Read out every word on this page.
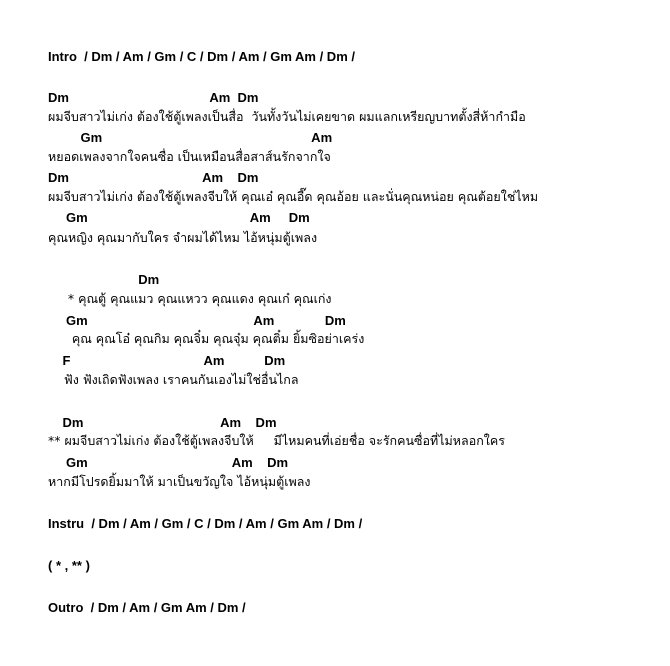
Intro  / Dm / Am / Gm / C / Dm / Am / Gm Am / Dm /
Dm                                       Am  Dm
ผมจีบสาวไม่เก่ง ต้องใช้ตู้เพลงเป็นสื่อ  วันทั้งวันไม่เคยขาด ผมแลกเหรียญบาทตั้งสี่ห้ากำมือ
Gm                                                          Am
หยอดเพลงจากใจคนซื่อ เป็นเหมือนสื่อสาส์นรักจากใจ
Dm                                     Am    Dm
ผมจีบสาวไม่เก่ง ต้องใช้ตู้เพลงจีบให้ คุณเอ๋ คุณอี๊ด คุณอ้อย และนั่นคุณหน่อย คุณต้อยใช่ไหม
Gm                                             Am     Dm
คุณหญิง คุณมากับใคร จำผมได้ไหม ไอ้หนุ่มตู้เพลง
Dm
* คุณตู้ คุณแมว คุณแหวว คุณแดง คุณเก๋ คุณเก่ง
Gm                                              Am              Dm
คุณ คุณโอ๋ คุณกิม คุณจิ๋ม คุณจุ๋ม คุณติ๋ม ยิ้มซิอย่าเคร่ง
F                                     Am           Dm
ฟัง ฟังเถิดฟังเพลง เราคนกันเองไม่ใช่อื่นไกล
Dm                                      Am    Dm
** ผมจีบสาวไม่เก่ง ต้องใช้ตู้เพลงจีบให้     มีไหมคนที่เอ่ยชื่อ จะรักคนซื่อที่ไม่หลอกใคร
Gm                                        Am    Dm
หากมีโปรดยิ้มมาให้ มาเป็นขวัญใจ ไอ้หนุ่มตู้เพลง
Instru  / Dm / Am / Gm / C / Dm / Am / Gm Am / Dm /
( * , ** )
Outro  / Dm / Am / Gm Am / Dm /
